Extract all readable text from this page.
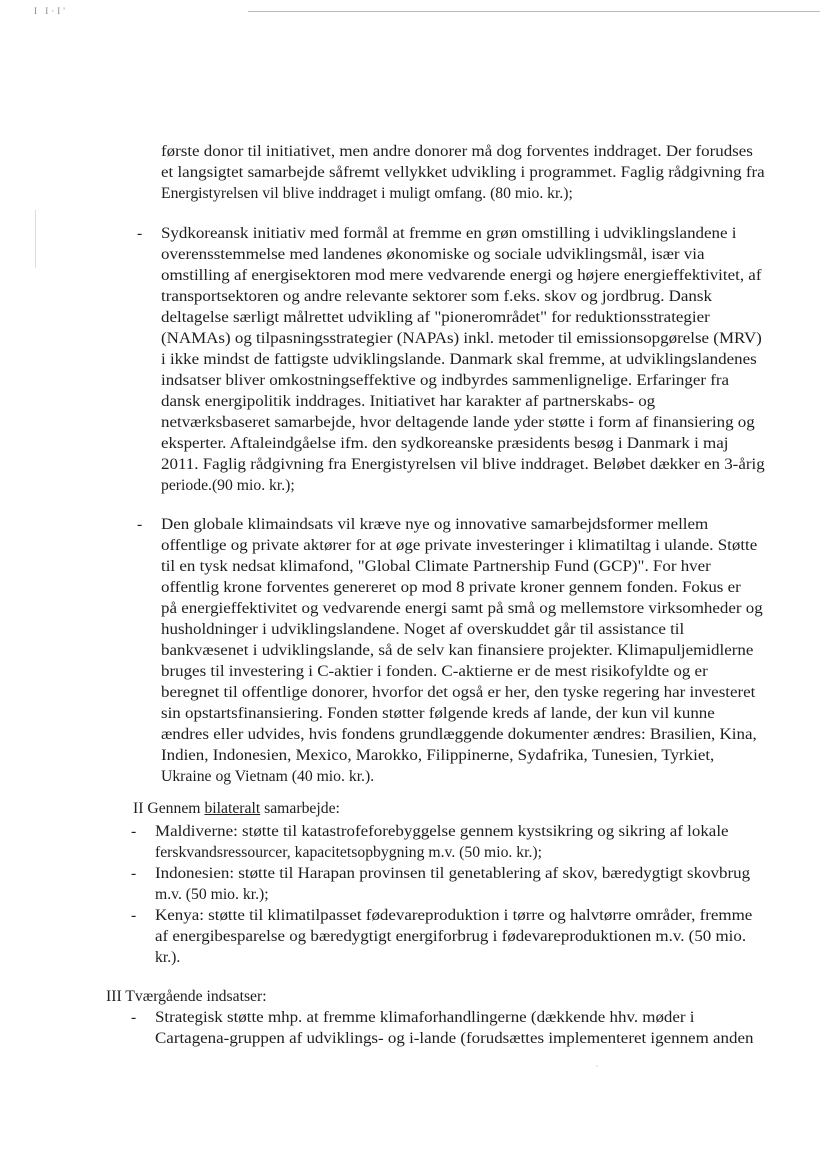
I I·I'
første donor til initiativet, men andre donorer må dog forventes inddraget. Der forudses
et langsigtet samarbejde såfremt vellykket udvikling i programmet. Faglig rådgivning fra
Energistyrelsen vil blive inddraget i muligt omfang. (80 mio. kr.);
- Sydkoreansk initiativ med formål at fremme en grøn omstilling i udviklingslandene i
overensstemmelse med landenes økonomiske og sociale udviklingsmål, især via
omstilling af energisektoren mod mere vedvarende energi og højere energieffektivitet, af
transportsektoren og andre relevante sektorer som f.eks. skov og jordbrug. Dansk
deltagelse særligt målrettet udvikling af "pionerområdet" for reduktionsstrategier
(NAMAs) og tilpasningsstrategier (NAPAs) inkl. metoder til emissionsopgørelse (MRV)
i ikke mindst de fattigste udviklingslande. Danmark skal fremme, at udviklingslandenes
indsatser bliver omkostningseffektive og indbyrdes sammenlignelige. Erfaringer fra
dansk energipolitik inddrages. Initiativet har karakter af partnerskabs- og
netværksbaseret samarbejde, hvor deltagende lande yder støtte i form af finansiering og
eksperter. Aftaleindgåelse ifm. den sydkoreanske præsidents besøg i Danmark i maj
2011. Faglig rådgivning fra Energistyrelsen vil blive inddraget. Beløbet dækker en 3-årig
periode.(90 mio. kr.);
- Den globale klimaindsats vil kræve nye og innovative samarbejdsformer mellem
offentlige og private aktører for at øge private investeringer i klimatiltag i ulande. Støtte
til en tysk nedsat klimafond, "Global Climate Partnership Fund (GCP)". For hver
offentlig krone forventes genereret op mod 8 private kroner gennem fonden. Fokus er
på energieffektivitet og vedvarende energi samt på små og mellemstore virksomheder og
husholdninger i udviklingslandene. Noget af overskuddet går til assistance til
bankvæsenet i udviklingslande, så de selv kan finansiere projekter. Klimapuljemidlerne
bruges til investering i C-aktier i fonden. C-aktierne er de mest risikofyldte og er
beregnet til offentlige donorer, hvorfor det også er her, den tyske regering har investeret
sin opstartsfinansiering. Fonden støtter følgende kreds af lande, der kun vil kunne
ændres eller udvides, hvis fondens grundlæggende dokumenter ændres: Brasilien, Kina,
Indien, Indonesien, Mexico, Marokko, Filippinerne, Sydafrika, Tunesien, Tyrkiet,
Ukraine og Vietnam (40 mio. kr.).
II Gennem bilateralt samarbejde:
- Maldiverne: støtte til katastrofeforebyggelse gennem kystsikring og sikring af lokale
ferskvandsressourcer, kapacitetsopbygning m.v. (50 mio. kr.);
- Indonesien: støtte til Harapan provinsen til genetablering af skov, bæredygtigt skovbrug
m.v. (50 mio. kr.);
- Kenya: støtte til klimatilpasset fødevareproduktion i tørre og halvtørre områder, fremme
af energibesparelse og bæredygtigt energiforbrug i fødevareproduktionen m.v. (50 mio.
kr.).
III Tværgående indsatser:
- Strategisk støtte mhp. at fremme klimaforhandlingerne (dækkende hhv. møder i
Cartagena-gruppen af udviklings- og i-lande (forudsættes implementeret igennem anden
